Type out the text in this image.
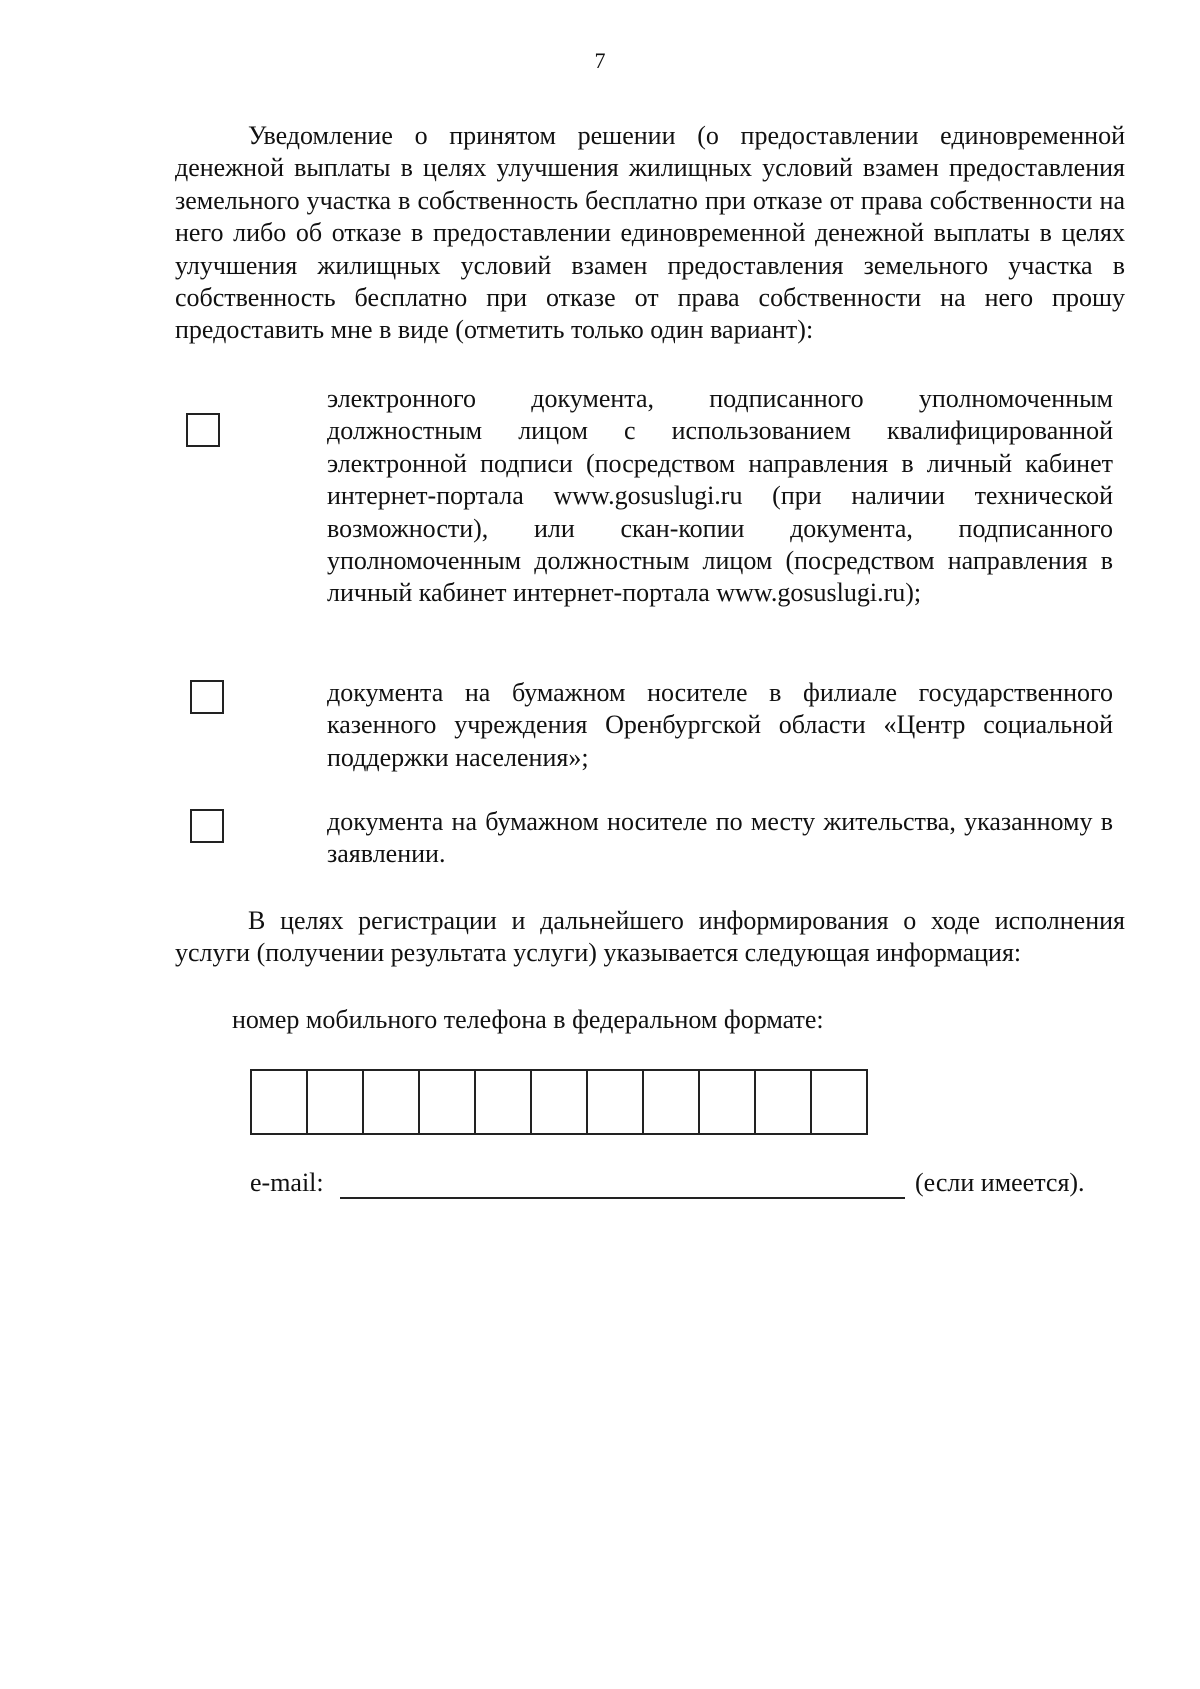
7
Уведомление о принятом решении (о предоставлении единовременной денежной выплаты в целях улучшения жилищных условий взамен предоставления земельного участка в собственность бесплатно при отказе от права собственности на него либо об отказе в предоставлении единовременной денежной выплаты в целях улучшения жилищных условий взамен предоставления земельного участка в собственность бесплатно при отказе от права собственности на него прошу предоставить мне в виде (отметить только один вариант):
электронного документа, подписанного уполномоченным должностным лицом с использованием квалифицированной электронной подписи (посредством направления в личный кабинет интернет-портала www.gosuslugi.ru (при наличии технической возможности), или скан-копии документа, подписанного уполномоченным должностным лицом (посредством направления в личный кабинет интернет-портала www.gosuslugi.ru);
документа на бумажном носителе в филиале государственного казенного учреждения Оренбургской области «Центр социальной поддержки населения»;
документа на бумажном носителе по месту жительства, указанному в заявлении.
В целях регистрации и дальнейшего информирования о ходе исполнения услуги (получении результата услуги) указывается следующая информация:
номер мобильного телефона в федеральном формате:
e-mail:	(если имеется).
